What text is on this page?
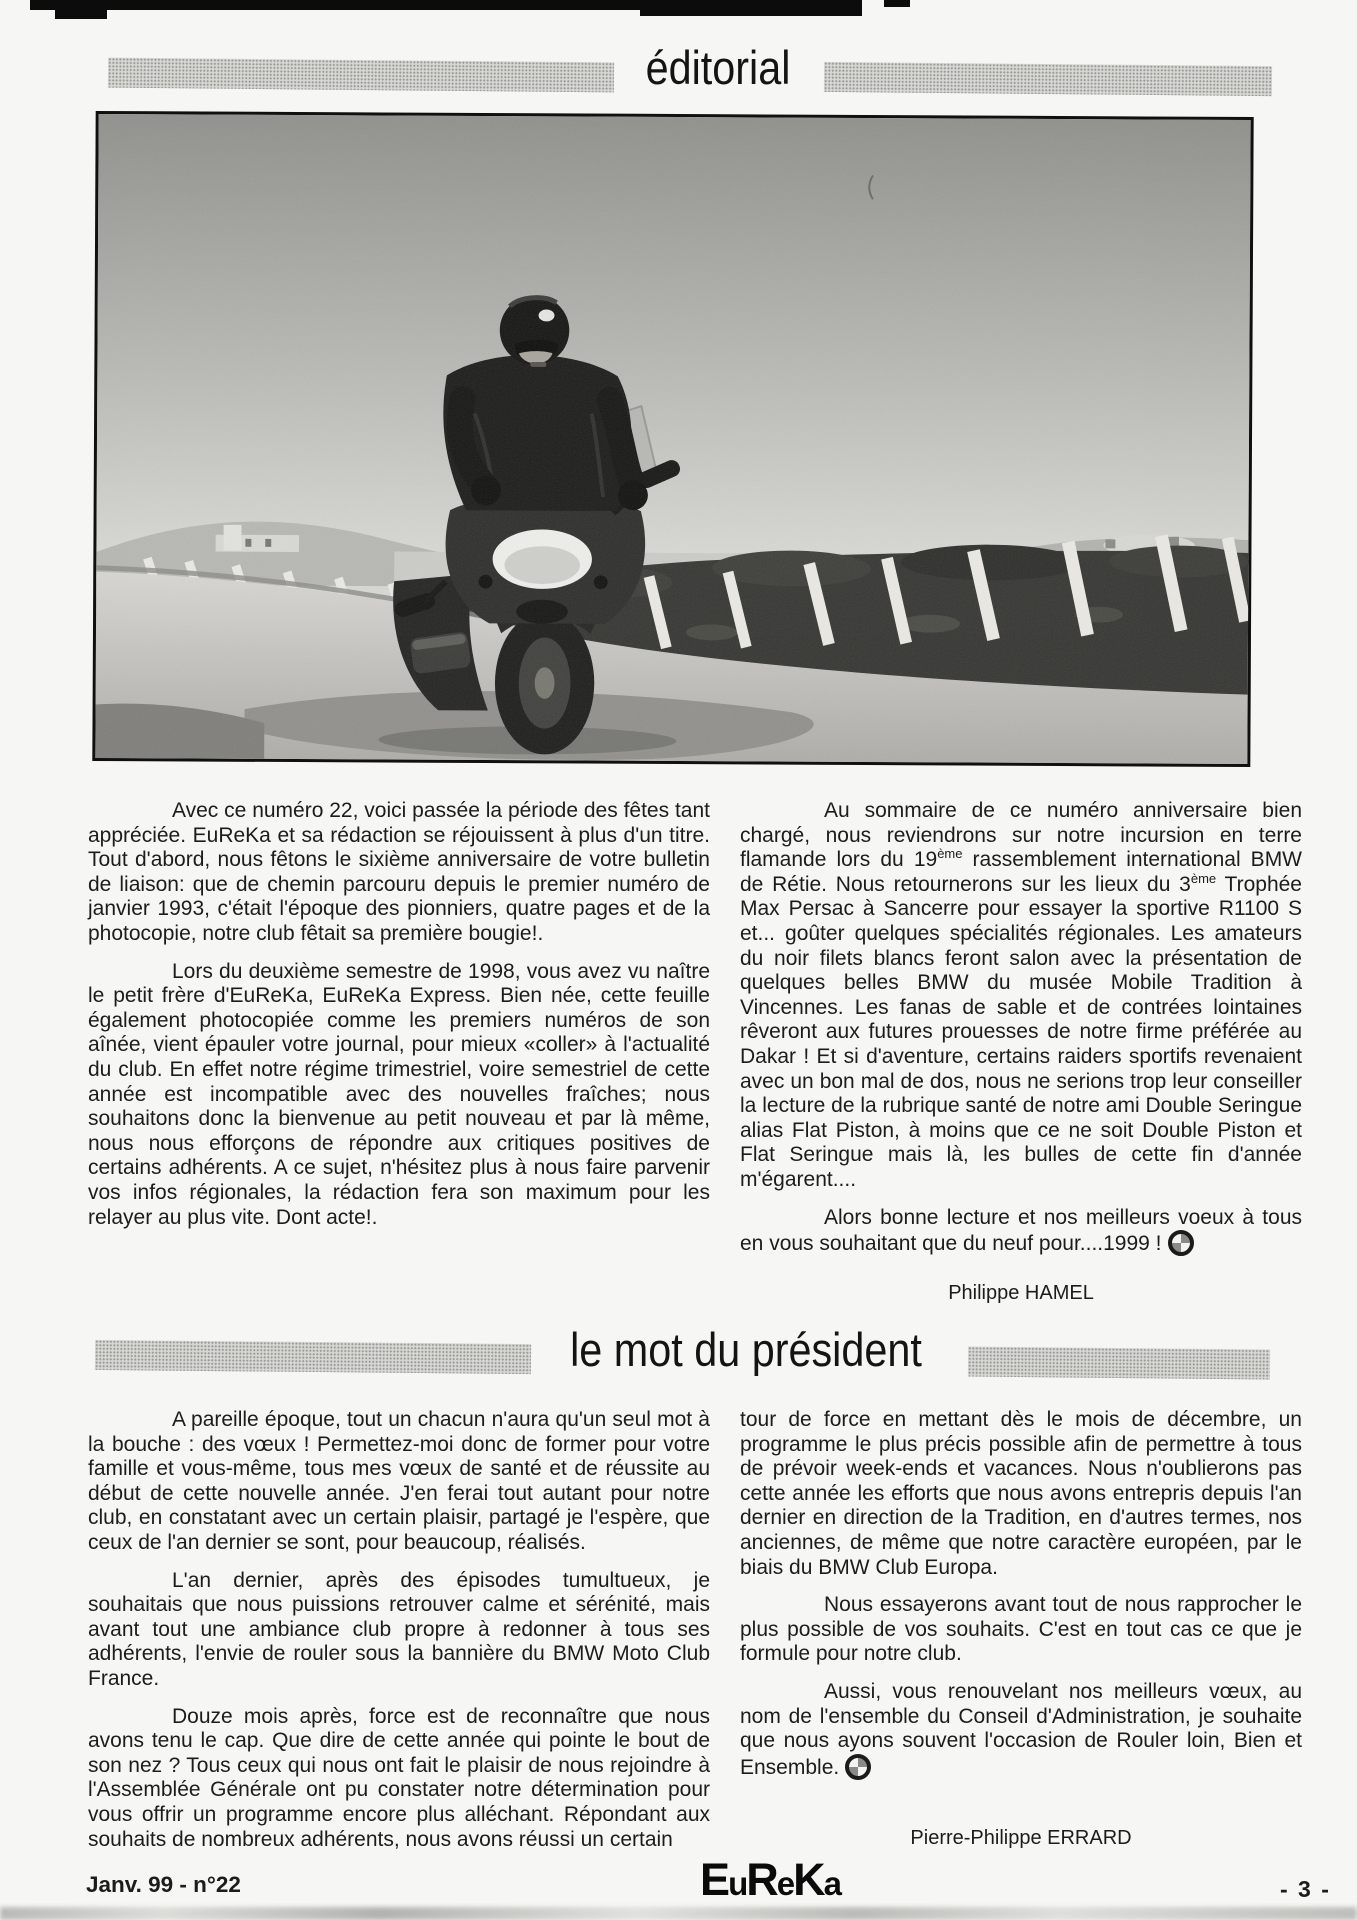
éditorial

Avec ce numéro 22, voici passée la période des fêtes tant appréciée. EuReKa et sa rédaction se réjouissent à plus d'un titre. Tout d'abord, nous fêtons le sixième anniversaire de votre bulletin de liaison: que de chemin parcouru depuis le premier numéro de janvier 1993, c'était l'époque des pionniers, quatre pages et de la photocopie, notre club fêtait sa première bougie!.

Lors du deuxième semestre de 1998, vous avez vu naître le petit frère d'EuReKa, EuReKa Express. Bien née, cette feuille également photocopiée comme les premiers numéros de son aînée, vient épauler votre journal, pour mieux «coller» à l'actualité du club. En effet notre régime trimestriel, voire semestriel de cette année est incompatible avec des nouvelles fraîches; nous souhaitons donc la bienvenue au petit nouveau et par là même, nous nous efforçons de répondre aux critiques positives de certains adhérents. A ce sujet, n'hésitez plus à nous faire parvenir vos infos régionales, la rédaction fera son maximum pour les relayer au plus vite. Dont acte!.

Au sommaire de ce numéro anniversaire bien chargé, nous reviendrons sur notre incursion en terre flamande lors du 19ème rassemblement international BMW de Rétie. Nous retournerons sur les lieux du 3ème Trophée Max Persac à Sancerre pour essayer la sportive R1100 S et... goûter quelques spécialités régionales. Les amateurs du noir filets blancs feront salon avec la présentation de quelques belles BMW du musée Mobile Tradition à Vincennes. Les fanas de sable et de contrées lointaines rêveront aux futures prouesses de notre firme préférée au Dakar ! Et si d'aventure, certains raiders sportifs revenaient avec un bon mal de dos, nous ne serions trop leur conseiller la lecture de la rubrique santé de notre ami Double Seringue alias Flat Piston, à moins que ce ne soit Double Piston et Flat Seringue mais là, les bulles de cette fin d'année m'égarent....

Alors bonne lecture et nos meilleurs voeux à tous en vous souhaitant que du neuf pour....1999 !

Philippe HAMEL
le mot du président

A pareille époque, tout un chacun n'aura qu'un seul mot à la bouche : des vœux ! Permettez-moi donc de former pour votre famille et vous-même, tous mes vœux de santé et de réussite au début de cette nouvelle année. J'en ferai tout autant pour notre club, en constatant avec un certain plaisir, partagé je l'espère, que ceux de l'an dernier se sont, pour beaucoup, réalisés.

L'an dernier, après des épisodes tumultueux, je souhaitais que nous puissions retrouver calme et sérénité, mais avant tout une ambiance club propre à redonner à tous ses adhérents, l'envie de rouler sous la bannière du BMW Moto Club France.

Douze mois après, force est de reconnaître que nous avons tenu le cap. Que dire de cette année qui pointe le bout de son nez ? Tous ceux qui nous ont fait le plaisir de nous rejoindre à l'Assemblée Générale ont pu constater notre détermination pour vous offrir un programme encore plus alléchant. Répondant aux souhaits de nombreux adhérents, nous avons réussi un certain

tour de force en mettant dès le mois de décembre, un programme le plus précis possible afin de permettre à tous de prévoir week-ends et vacances. Nous n'oublierons pas cette année les efforts que nous avons entrepris depuis l'an dernier en direction de la Tradition, en d'autres termes, nos anciennes, de même que notre caractère européen, par le biais du BMW Club Europa.

Nous essayerons avant tout de nous rapprocher le plus possible de vos souhaits. C'est en tout cas ce que je formule pour notre club.

Aussi, vous renouvelant nos meilleurs vœux, au nom de l'ensemble du Conseil d'Administration, je souhaite que nous ayons souvent l'occasion de Rouler loin, Bien et Ensemble.

Pierre-Philippe ERRARD
Janv. 99 - n°22	EuReKa	- 3 -
